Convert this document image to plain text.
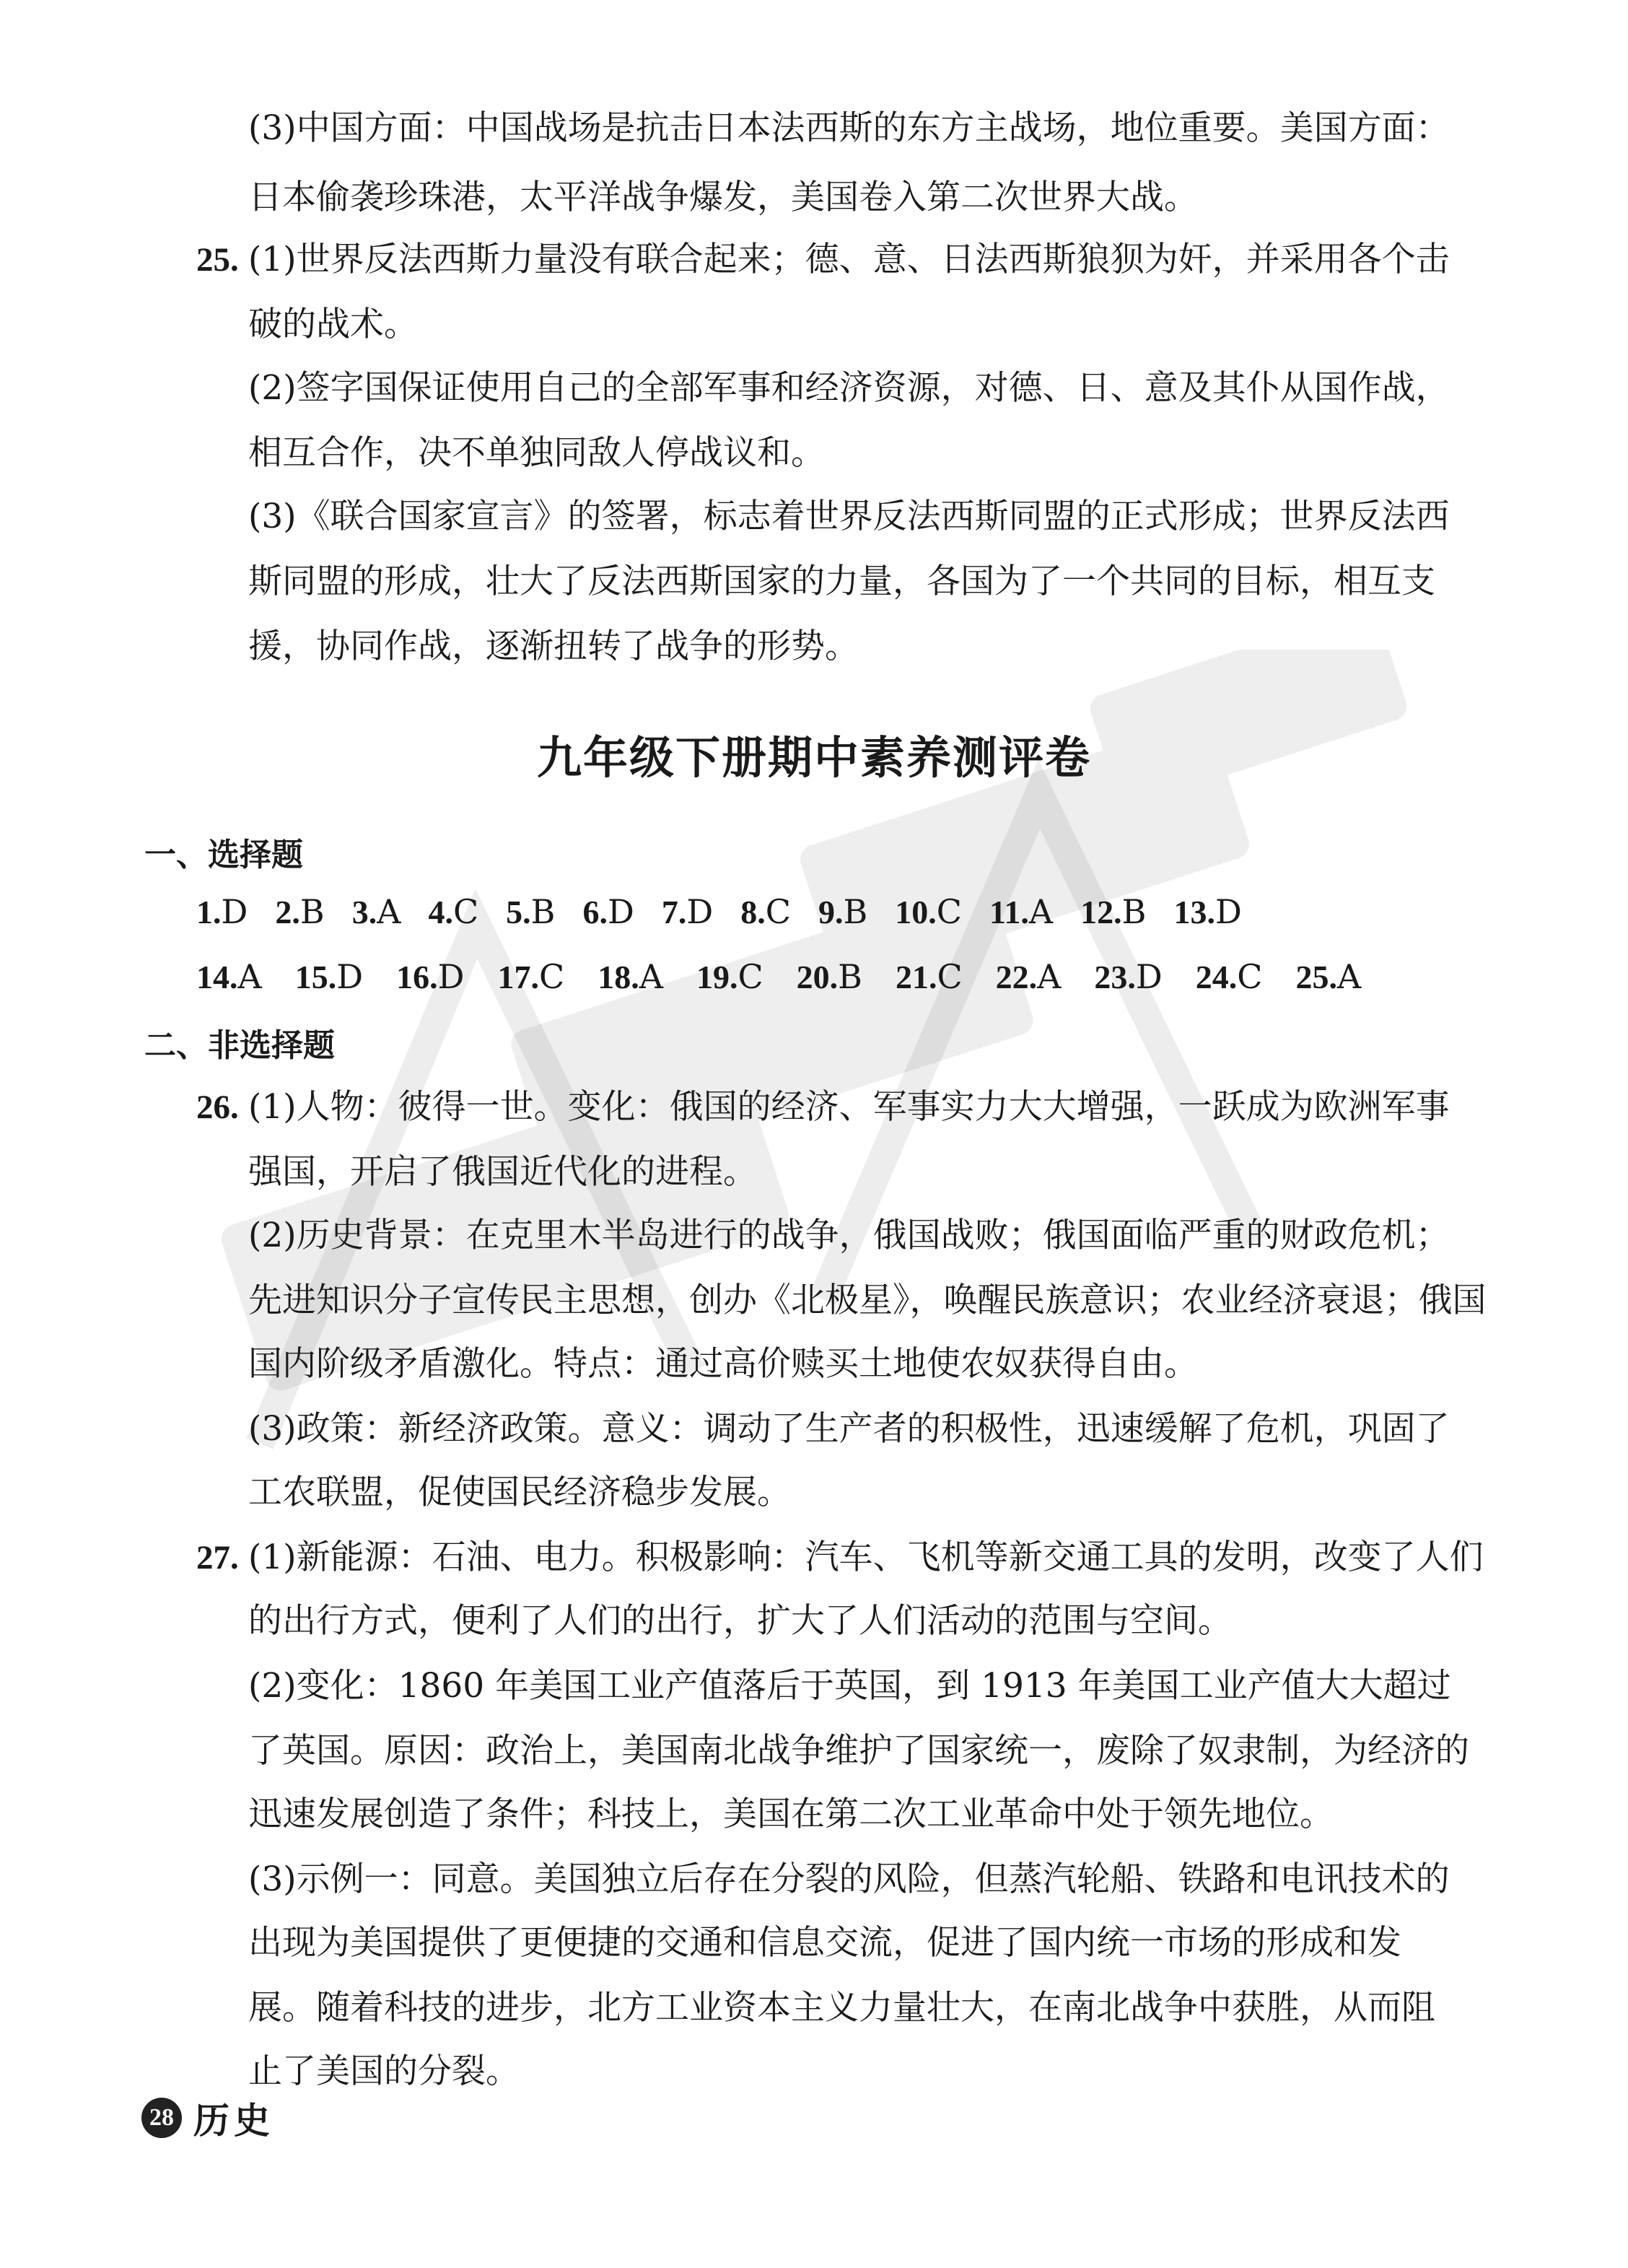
(3)中国方面：中国战场是抗击日本法西斯的东方主战场，地位重要。美国方面：
日本偷袭珍珠港，太平洋战争爆发，美国卷入第二次世界大战。
25. (1)世界反法西斯力量没有联合起来；德、意、日法西斯狼狈为奸，并采用各个击
破的战术。
(2)签字国保证使用自己的全部军事和经济资源，对德、日、意及其仆从国作战，
相互合作，决不单独同敌人停战议和。
(3)《联合国家宣言》的签署，标志着世界反法西斯同盟的正式形成；世界反法西
斯同盟的形成，壮大了反法西斯国家的力量，各国为了一个共同的目标，相互支
援，协同作战，逐渐扭转了战争的形势。
九年级下册期中素养测评卷
一、选择题
1.D 2.B 3.A 4.C 5.B 6.D 7.D 8.C 9.B 10.C 11.A 12.B 13.D
14.A 15.D 16.D 17.C 18.A 19.C 20.B 21.C 22.A 23.D 24.C 25.A
二、非选择题
26. (1)人物：彼得一世。变化：俄国的经济、军事实力大大增强，一跃成为欧洲军事
强国，开启了俄国近代化的进程。
(2)历史背景：在克里木半岛进行的战争，俄国战败；俄国面临严重的财政危机；
先进知识分子宣传民主思想，创办《北极星》，唤醒民族意识；农业经济衰退；俄国
国内阶级矛盾激化。特点：通过高价赎买土地使农奴获得自由。
(3)政策：新经济政策。意义：调动了生产者的积极性，迅速缓解了危机，巩固了
工农联盟，促使国民经济稳步发展。
27. (1)新能源：石油、电力。积极影响：汽车、飞机等新交通工具的发明，改变了人们
的出行方式，便利了人们的出行，扩大了人们活动的范围与空间。
(2)变化：1860 年美国工业产值落后于英国，到 1913 年美国工业产值大大超过
了英国。原因：政治上，美国南北战争维护了国家统一，废除了奴隶制，为经济的
迅速发展创造了条件；科技上，美国在第二次工业革命中处于领先地位。
(3)示例一：同意。美国独立后存在分裂的风险，但蒸汽轮船、铁路和电讯技术的
出现为美国提供了更便捷的交通和信息交流，促进了国内统一市场的形成和发
展。随着科技的进步，北方工业资本主义力量壮大，在南北战争中获胜，从而阻
止了美国的分裂。
28 历史
